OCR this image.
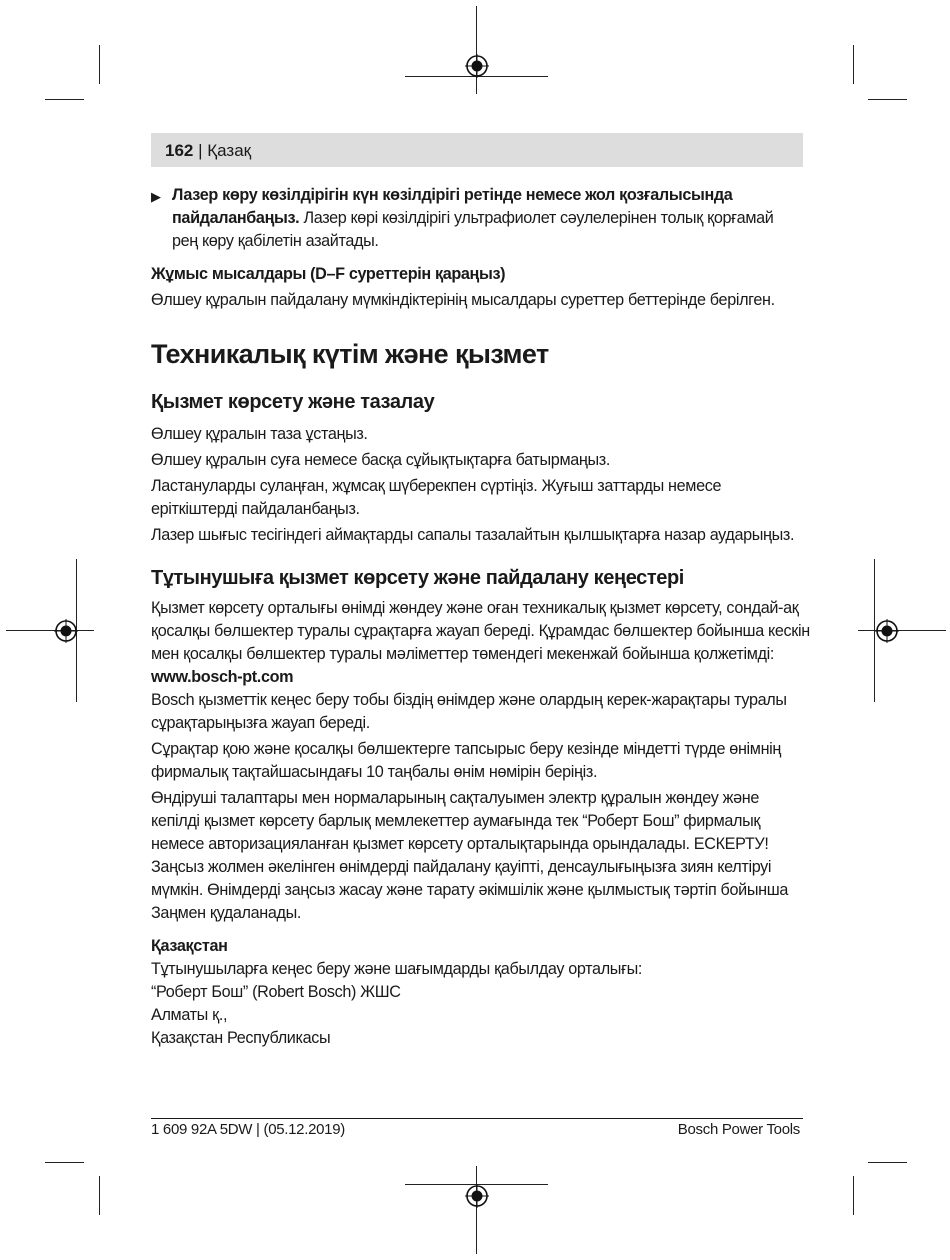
162 | Қазақ
▶ Лазер көру көзілдірігін күн көзілдірігі ретінде немесе жол қозғалысында пайдаланбаңыз. Лазер көрі көзілдірігі ультрафиолет сәулелерінен толық қорғамай рең көру қабілетін азайтады.

Жұмыс мысалдары (D–F суреттерін қараңыз)

Өлшеу құралын пайдалану мүмкіндіктерінің мысалдары суреттер беттерінде берілген.

Техникалық күтім және қызмет

Қызмет көрсету және тазалау

Өлшеу құралын таза ұстаңыз.

Өлшеу құралын суға немесе басқа сұйықтықтарға батырмаңыз.

Ластануларды сулаңған, жұмсақ шүберекпен сүртіңіз. Жуғыш заттарды немесе еріткіштерді пайдаланбаңыз.

Лазер шығыс тесігіндегі аймақтарды сапалы тазалайтын қылшықтарға назар аударыңыз.

Тұтынушыға қызмет көрсету және пайдалану кеңестері

Қызмет көрсету орталығы өнімді жөндеу және оған техникалық қызмет көрсету, сондай-ақ қосалқы бөлшектер туралы сұрақтарға жауап береді. Құрамдас бөлшектер бойынша кескін мен қосалқы бөлшектер туралы мәліметтер төмендегі мекенжай бойынша қолжетімді: www.bosch-pt.com

Bosch қызметтік кеңес беру тобы біздің өнімдер және олардың керек-жарақтары туралы сұрақтарыңызға жауап береді.

Сұрақтар қою және қосалқы бөлшектерге тапсырыс беру кезінде міндетті түрде өнімнің фирмалық тақтайшасындағы 10 таңбалы өнім нөмірін беріңіз.

Өндіруші талаптары мен нормаларының сақталуымен электр құралын жөндеу және кепілді қызмет көрсету барлық мемлекеттер аумағында тек “Роберт Бош” фирмалық немесе авторизацияланған қызмет көрсету орталықтарында орындалады. ЕСКЕРТУ! Заңсыз жолмен әкелінген өнімдерді пайдалану қауіпті, денсаулығыңызға зиян келтіруі мүмкін. Өнімдерді заңсыз жасау және тарату әкімшілік және қылмыстық тәртіп бойынша Заңмен қудаланады.

Қазақстан

Тұтынушыларға кеңес беру және шағымдарды қабылдау орталығы:

“Роберт Бош” (Robert Bosch) ЖШС

Алматы қ.,

Қазақстан Республикасы

1 609 92A 5DW | (05.12.2019)	Bosch Power Tools
